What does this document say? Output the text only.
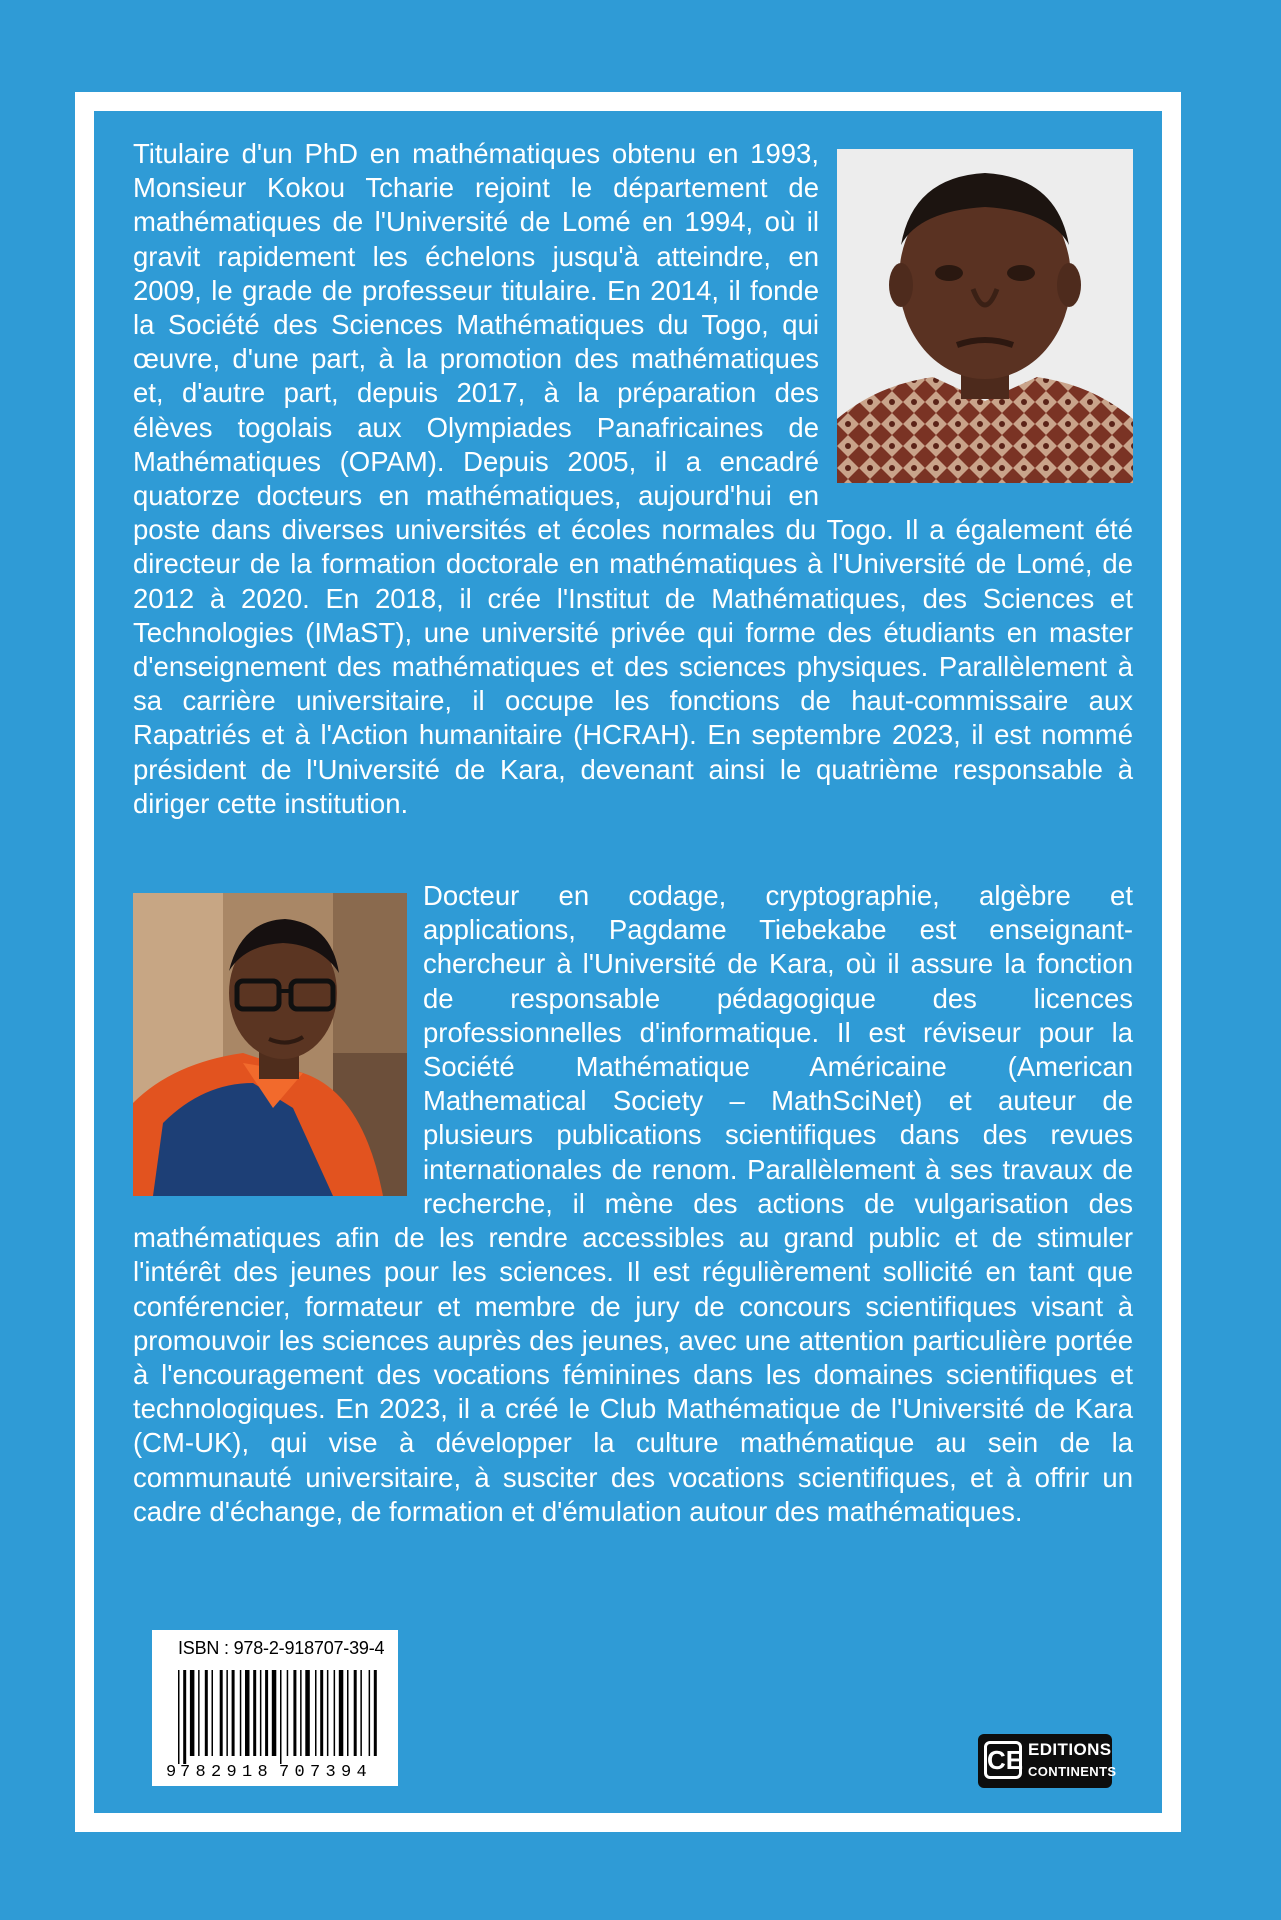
Titulaire d'un PhD en mathématiques obtenu en 1993, Monsieur Kokou Tcharie rejoint le département de mathématiques de l'Université de Lomé en 1994, où il gravit rapidement les échelons jusqu'à atteindre, en 2009, le grade de professeur titulaire. En 2014, il fonde la Société des Sciences Mathématiques du Togo, qui œuvre, d'une part, à la promotion des mathématiques et, d'autre part, depuis 2017, à la préparation des élèves togolais aux Olympiades Panafricaines de Mathématiques (OPAM). Depuis 2005, il a encadré quatorze docteurs en mathématiques, aujourd'hui en poste dans diverses universités et écoles normales du Togo. Il a également été directeur de la formation doctorale en mathématiques à l'Université de Lomé, de 2012 à 2020. En 2018, il crée l'Institut de Mathématiques, des Sciences et Technologies (IMaST), une université privée qui forme des étudiants en master d'enseignement des mathématiques et des sciences physiques. Parallèlement à sa carrière universitaire, il occupe les fonctions de haut-commissaire aux Rapatriés et à l'Action humanitaire (HCRAH). En septembre 2023, il est nommé président de l'Université de Kara, devenant ainsi le quatrième responsable à diriger cette institution.

Docteur en codage, cryptographie, algèbre et applications, Pagdame Tiebekabe est enseignant-chercheur à l'Université de Kara, où il assure la fonction de responsable pédagogique des licences professionnelles d'informatique. Il est réviseur pour la Société Mathématique Américaine (American Mathematical Society – MathSciNet) et auteur de plusieurs publications scientifiques dans des revues internationales de renom. Parallèlement à ses travaux de recherche, il mène des actions de vulgarisation des mathématiques afin de les rendre accessibles au grand public et de stimuler l'intérêt des jeunes pour les sciences. Il est régulièrement sollicité en tant que conférencier, formateur et membre de jury de concours scientifiques visant à promouvoir les sciences auprès des jeunes, avec une attention particulière portée à l'encouragement des vocations féminines dans les domaines scientifiques et technologiques. En 2023, il a créé le Club Mathématique de l'Université de Kara (CM-UK), qui vise à développer la culture mathématique au sein de la communauté universitaire, à susciter des vocations scientifiques, et à offrir un cadre d'échange, de formation et d'émulation autour des mathématiques.

ISBN : 978-2-918707-39-4
9 7 8 2 9 1 8 7 0 7 3 9 4	CE EDITIONS
CONTINENTS
